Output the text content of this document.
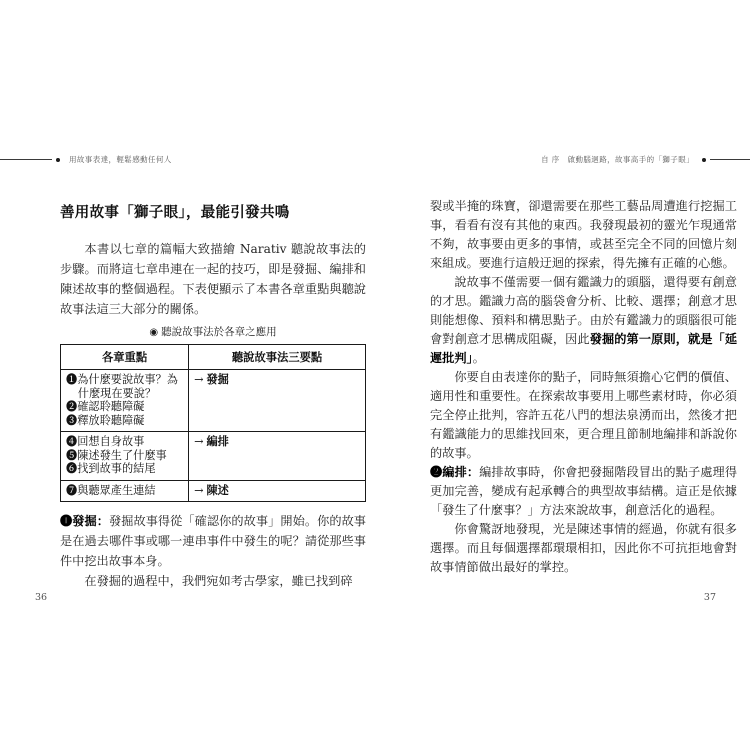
用故事表達，輕鬆感動任何人	自 序　啟動腦迴路，故事高手的「獅子眼」
善用故事「獅子眼」，最能引發共鳴

本書以七章的篇幅大致描繪 Narativ 聽說故事法的步驟。而將這七章串連在一起的技巧，即是發掘、編排和陳述故事的整個過程。下表便顯示了本書各章重點與聽說故事法這三大部分的關係。

◉ 聽說故事法於各章之應用
各章重點	聽說故事法三要點

❶為什麼要說故事？為什麼現在要說？
❷確認聆聽障礙
❸釋放聆聽障礙	→ 發掘

❹回想自身故事
❺陳述發生了什麼事
❻找到故事的結尾	→ 編排

❼與聽眾產生連結	→ 陳述

❶發掘：發掘故事得從「確認你的故事」開始。你的故事是在過去哪件事或哪一連串事件中發生的呢？請從那些事件中挖出故事本身。

在發掘的過程中，我們宛如考古學家，雖已找到碎

裂或半掩的珠寶，卻還需要在那些工藝品周遭進行挖掘工事，看看有沒有其他的東西。我發現最初的靈光乍現通常不夠，故事要由更多的事情，或甚至完全不同的回憶片刻來組成。要進行這般迂迴的探索，得先擁有正確的心態。

說故事不僅需要一個有鑑識力的頭腦，還得要有創意的才思。鑑識力高的腦袋會分析、比較、選擇；創意才思則能想像、預料和構思點子。由於有鑑識力的頭腦很可能會對創意才思構成阻礙，因此發掘的第一原則，就是「延遲批判」。

你要自由表達你的點子，同時無須擔心它們的價值、適用性和重要性。在探索故事要用上哪些素材時，你必須完全停止批判，容許五花八門的想法泉湧而出，然後才把有鑑識能力的思維找回來，更合理且節制地編排和訴說你的故事。

❷編排：編排故事時，你會把發掘階段冒出的點子處理得更加完善，變成有起承轉合的典型故事結構。這正是依據「發生了什麼事？」方法來說故事，創意活化的過程。

你會驚訝地發現，光是陳述事情的經過，你就有很多選擇。而且每個選擇都環環相扣，因此你不可抗拒地會對故事情節做出最好的掌控。

36	37
